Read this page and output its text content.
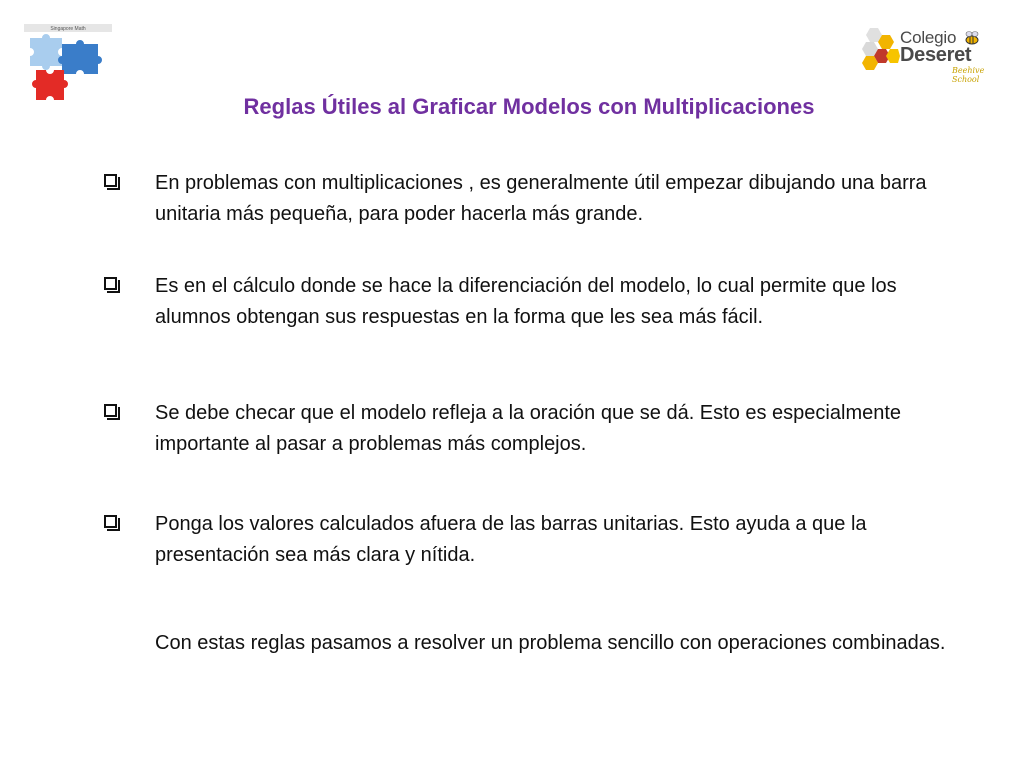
Singapore Math	Colegio
Deseret
Beehive School
Reglas Útiles al Graficar Modelos con Multiplicaciones
En problemas con multiplicaciones , es generalmente útil empezar dibujando una barra unitaria más pequeña, para poder hacerla más grande.
Es en el cálculo donde se hace la diferenciación del modelo, lo cual permite que los alumnos obtengan sus respuestas en la forma que les sea más fácil.
Se debe checar que el modelo refleja a la oración que se dá. Esto es especialmente importante al pasar a problemas más complejos.
Ponga los valores calculados afuera de las barras unitarias. Esto ayuda a que la presentación sea más clara y nítida.
Con estas reglas pasamos a resolver un problema sencillo con operaciones combinadas.
